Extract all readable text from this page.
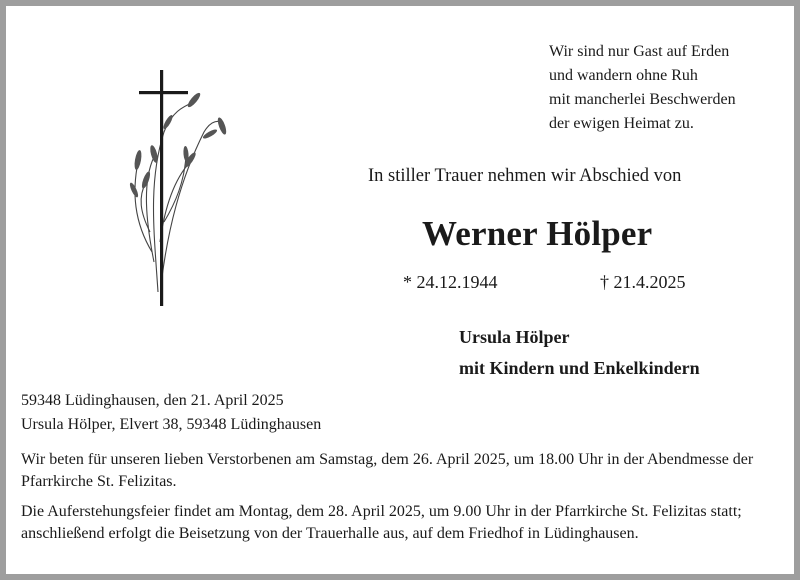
Wir sind nur Gast auf Erden
und wandern ohne Ruh
mit mancherlei Beschwerden
der ewigen Heimat zu.
In stiller Trauer nehmen wir Abschied von
Werner Hölper
* 24.12.1944	† 21.4.2025
Ursula Hölper
mit Kindern und Enkelkindern
59348 Lüdinghausen, den 21. April 2025
Ursula Hölper, Elvert 38, 59348 Lüdinghausen
Wir beten für unseren lieben Verstorbenen am Samstag, dem 26. April 2025, um 18.00 Uhr in der Abendmesse der Pfarrkirche St. Felizitas.
Die Auferstehungsfeier findet am Montag, dem 28. April 2025, um 9.00 Uhr in der Pfarrkirche St. Felizitas statt; anschließend erfolgt die Beisetzung von der Trauerhalle aus, auf dem Friedhof in Lüdinghausen.
